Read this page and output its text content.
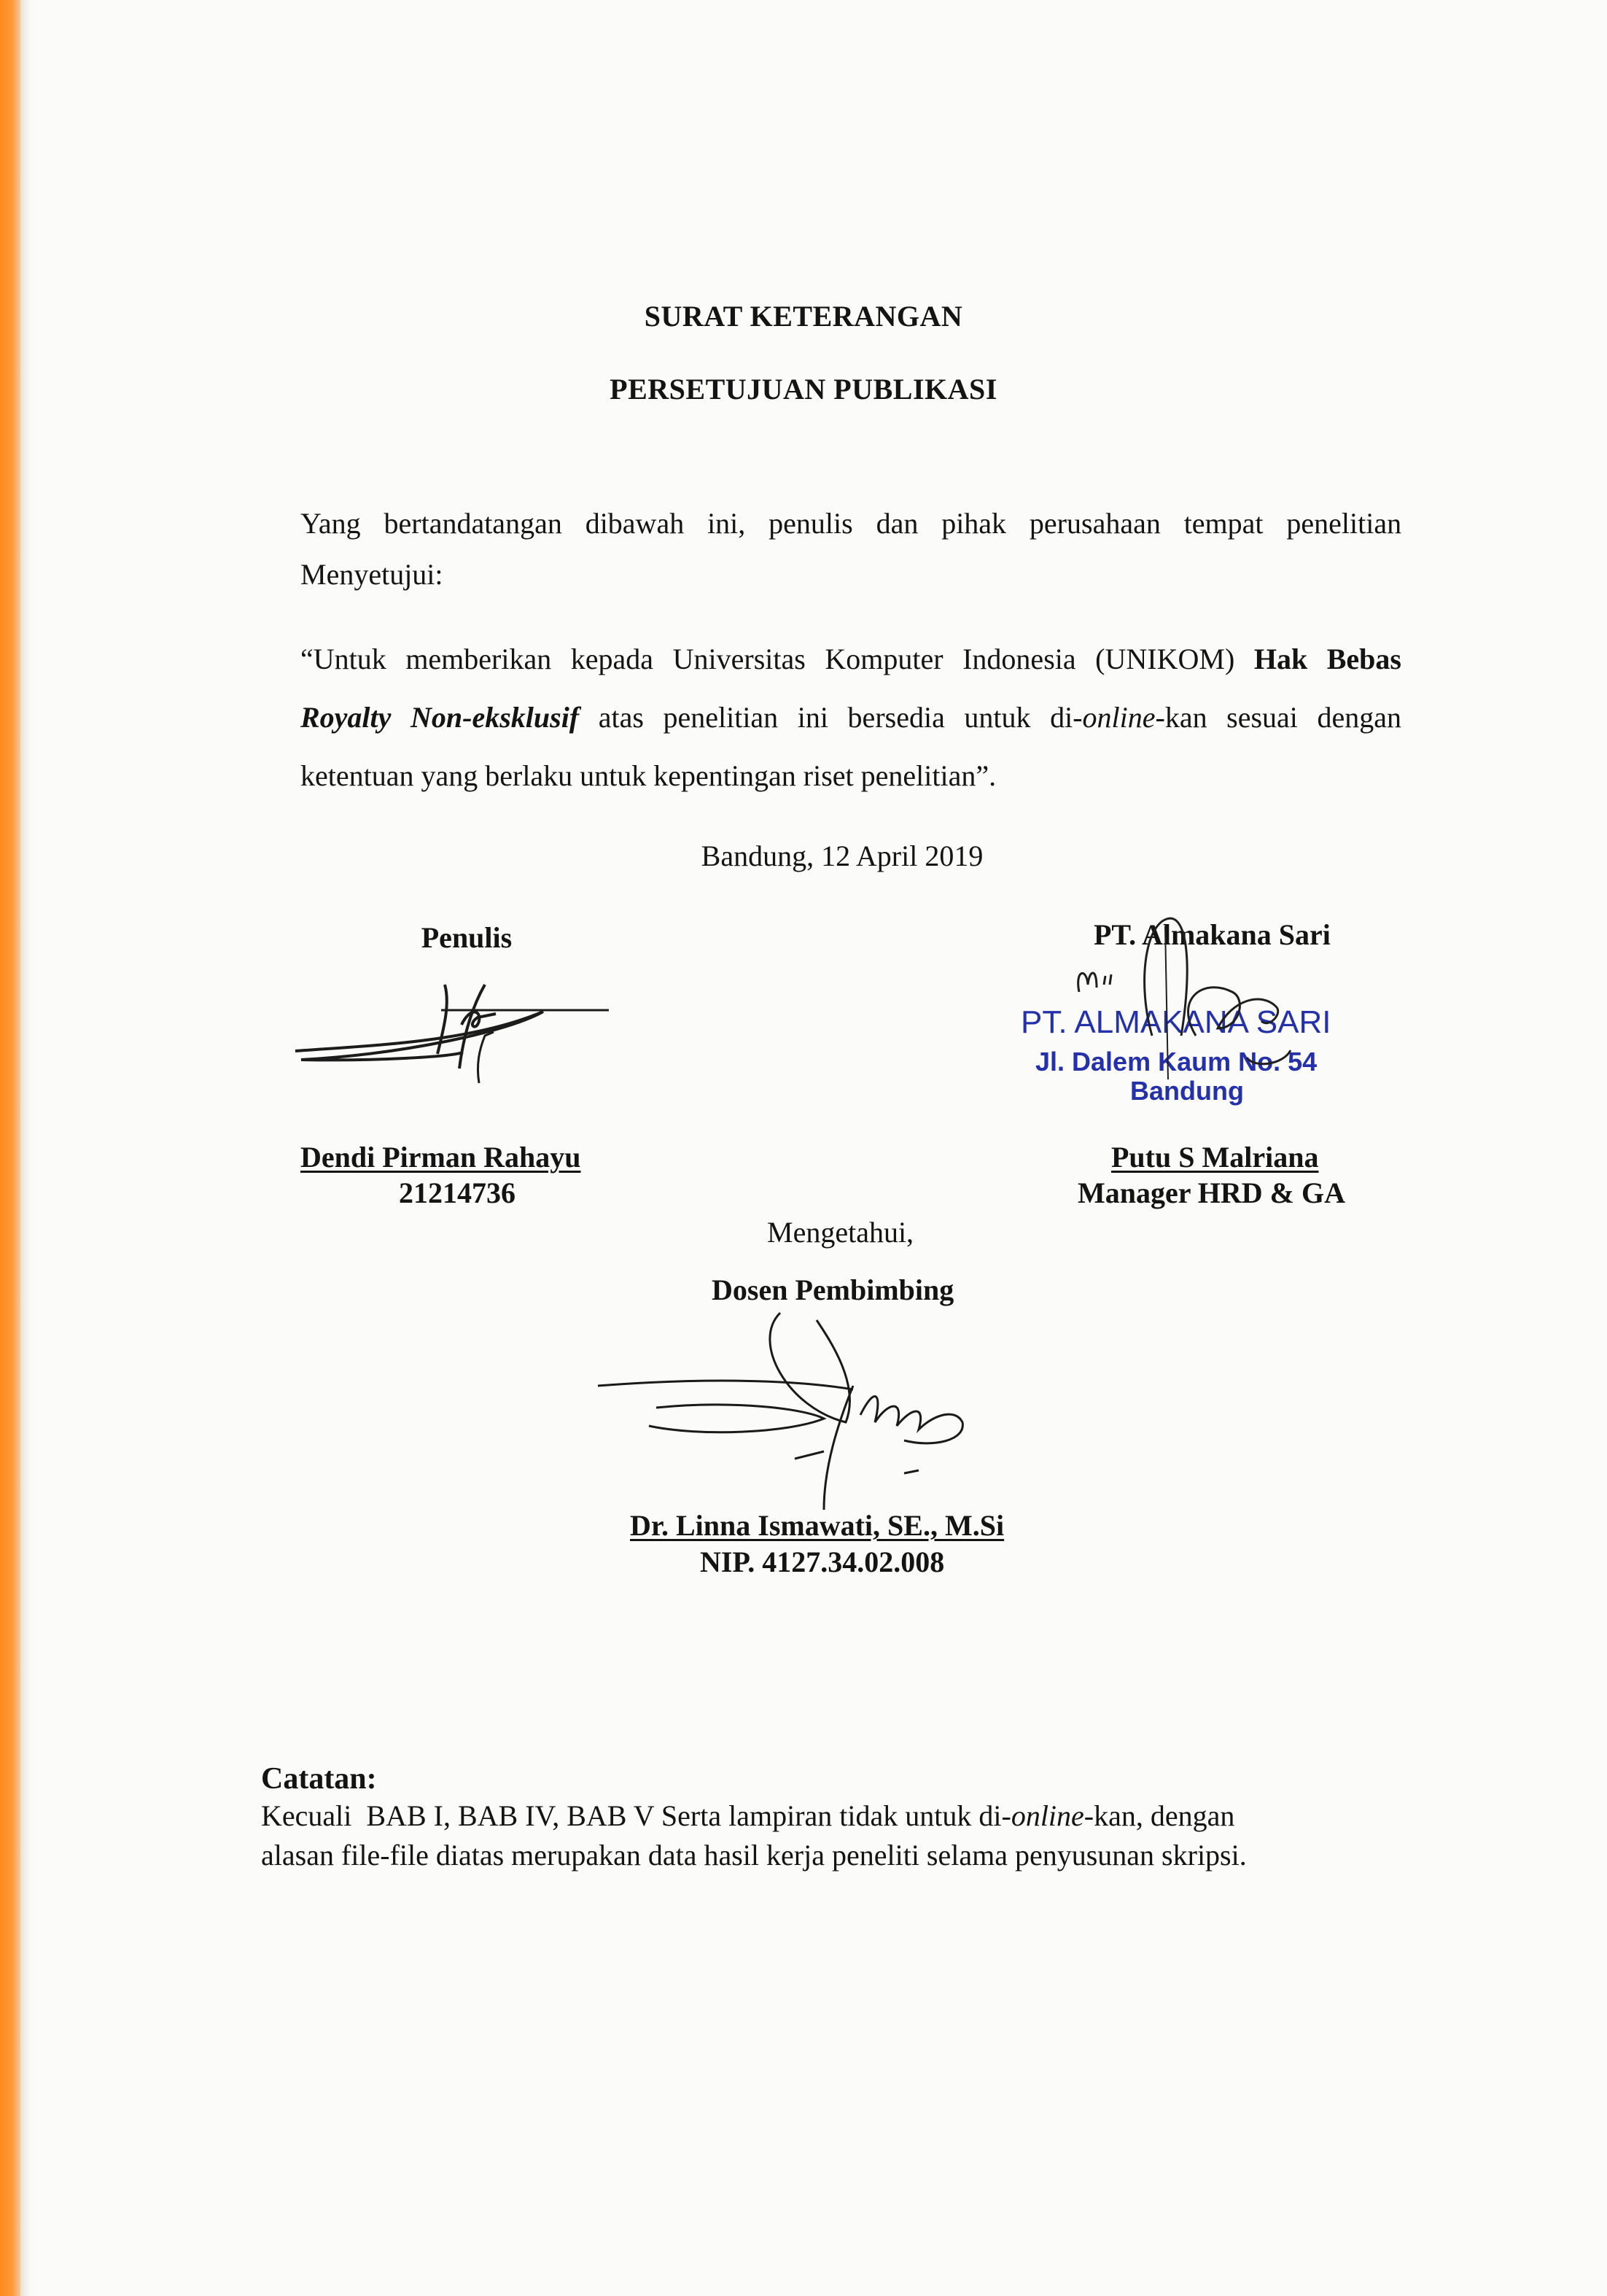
SURAT KETERANGAN
PERSETUJUAN PUBLIKASI
Yang bertandatangan dibawah ini, penulis dan pihak perusahaan tempat penelitian
Menyetujui:
“Untuk memberikan kepada Universitas Komputer Indonesia (UNIKOM) Hak Bebas
Royalty Non-eksklusif atas penelitian ini bersedia untuk di-online-kan sesuai dengan
ketentuan yang berlaku untuk kepentingan riset penelitian”.
Bandung, 12 April 2019
Penulis
Dendi Pirman Rahayu
21214736
PT. Almakana Sari
PT. ALMAKANA SARI
Jl. Dalem Kaum No. 54
Bandung
Putu S Malriana
Manager HRD & GA
Mengetahui,
Dosen Pembimbing
Dr. Linna Ismawati, SE., M.Si
NIP. 4127.34.02.008
Catatan:
Kecuali  BAB I, BAB IV, BAB V Serta lampiran tidak untuk di-online-kan, dengan
alasan file-file diatas merupakan data hasil kerja peneliti selama penyusunan skripsi.
